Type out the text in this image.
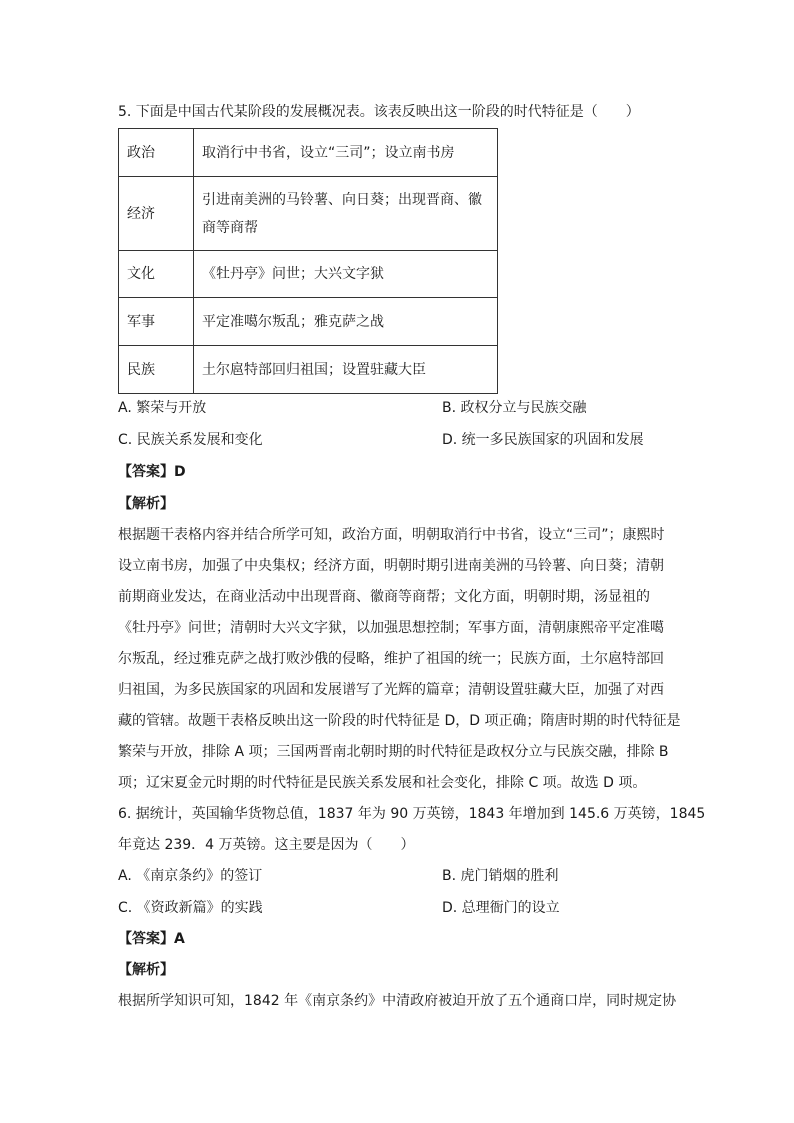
5. 下面是中国古代某阶段的发展概况表。该表反映出这一阶段的时代特征是（　　）
政治	取消行中书省，设立“三司”；设立南书房
经济	引进南美洲的马铃薯、向日葵；出现晋商、徽
商等商帮

文化	《牡丹亭》问世；大兴文字狱
军事	平定准噶尔叛乱；雅克萨之战
民族	土尔扈特部回归祖国；设置驻藏大臣
A. 繁荣与开放	B. 政权分立与民族交融
C. 民族关系发展和变化	D. 统一多民族国家的巩固和发展
【答案】D
【解析】
根据题干表格内容并结合所学可知，政治方面，明朝取消行中书省，设立“三司”；康熙时
设立南书房，加强了中央集权；经济方面，明朝时期引进南美洲的马铃薯、向日葵；清朝
前期商业发达，在商业活动中出现晋商、徽商等商帮；文化方面，明朝时期，汤显祖的
《牡丹亭》问世；清朝时大兴文字狱，以加强思想控制；军事方面，清朝康熙帝平定准噶
尔叛乱，经过雅克萨之战打败沙俄的侵略，维护了祖国的统一；民族方面，土尔扈特部回
归祖国，为多民族国家的巩固和发展谱写了光辉的篇章；清朝设置驻藏大臣，加强了对西
藏的管辖。故题干表格反映出这一阶段的时代特征是 D，D 项正确；隋唐时期的时代特征是
繁荣与开放，排除 A 项；三国两晋南北朝时期的时代特征是政权分立与民族交融，排除 B
项；辽宋夏金元时期的时代特征是民族关系发展和社会变化，排除 C 项。故选 D 项。
6. 据统计，英国输华货物总值，1837 年为 90 万英镑，1843 年增加到 145.6 万英镑，1845
年竟达 239．4 万英镑。这主要是因为（　　）
A. 《南京条约》的签订	B. 虎门销烟的胜利
C. 《资政新篇》的实践	D. 总理衙门的设立
【答案】A
【解析】
根据所学知识可知，1842 年《南京条约》中清政府被迫开放了五个通商口岸，同时规定协
